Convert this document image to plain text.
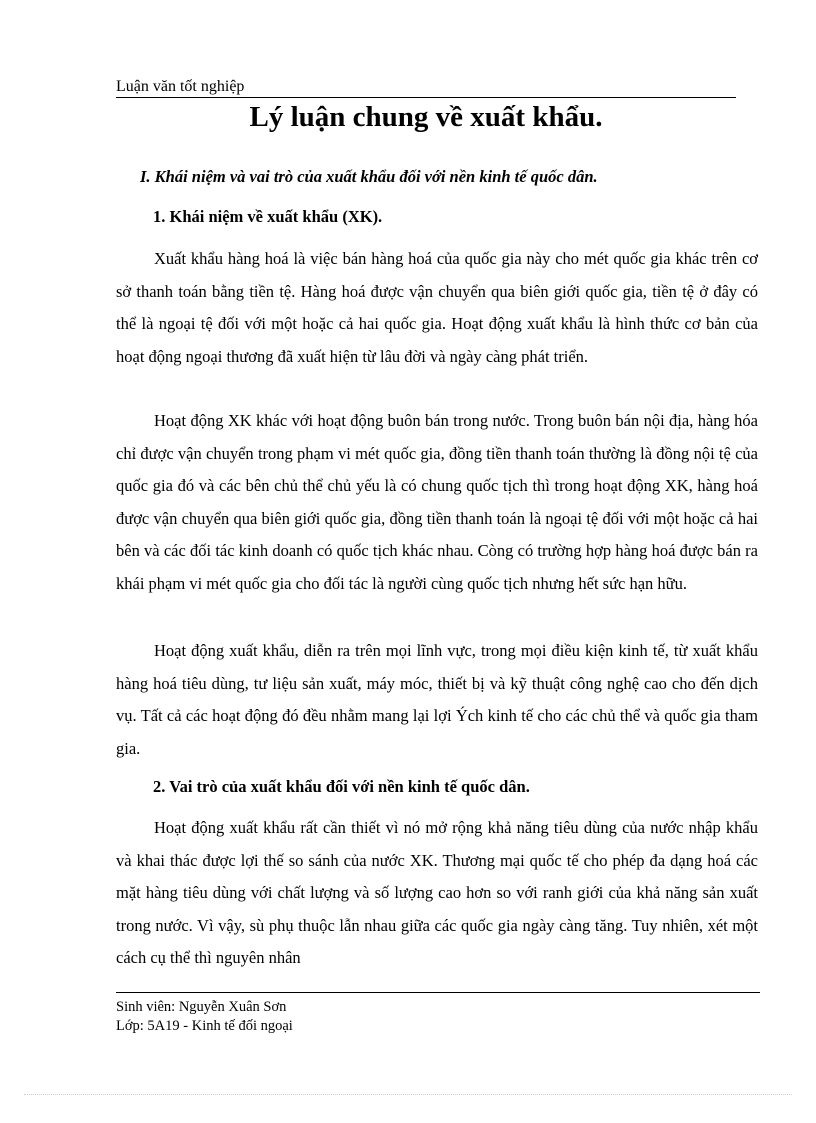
Luận văn tốt nghiệp
Lý luận chung về xuất khẩu.
I. Khái niệm và vai trò của xuất khẩu đối với nền kinh tế quốc dân.
1. Khái niệm về xuất khẩu (XK).

Xuất khẩu hàng hoá là việc bán hàng hoá của quốc gia này cho mét quốc gia khác trên cơ sở thanh toán bằng tiền tệ. Hàng hoá được vận chuyển qua biên giới quốc gia, tiền tệ ở đây có thể là ngoại tệ đối với một hoặc cả hai quốc gia. Hoạt động xuất khẩu là hình thức cơ bản của hoạt động ngoại thương đã xuất hiện từ lâu đời và ngày càng phát triển.

Hoạt động XK khác với hoạt động buôn bán trong nước. Trong buôn bán nội địa, hàng hóa chỉ được vận chuyển trong phạm vi mét quốc gia, đồng tiền thanh toán thường là đồng nội tệ của quốc gia đó và các bên chủ thể chủ yếu là có chung quốc tịch thì trong hoạt động XK, hàng hoá được vận chuyển qua biên giới quốc gia, đồng tiền thanh toán là ngoại tệ đối với một hoặc cả hai bên và các đối tác kinh doanh có quốc tịch khác nhau. Còng có trường hợp hàng hoá được bán ra khái phạm vi mét quốc gia cho đối tác là người cùng quốc tịch nhưng hết sức hạn hữu.

Hoạt động xuất khẩu, diễn ra trên mọi lĩnh vực, trong mọi điều kiện kinh tế, từ xuất khẩu hàng hoá tiêu dùng, tư liệu sản xuất, máy móc, thiết bị và kỹ thuật công nghệ cao cho đến dịch vụ. Tất cả các hoạt động đó đều nhằm mang lại lợi Ých kinh tế cho các chủ thể và quốc gia tham gia.

2. Vai trò của xuất khẩu đối với nền kinh tế quốc dân.

Hoạt động xuất khẩu rất cần thiết vì nó mở rộng khả năng tiêu dùng của nước nhập khẩu và khai thác được lợi thế so sánh của nước XK. Thương mại quốc tế cho phép đa dạng hoá các mặt hàng tiêu dùng với chất lượng và số lượng cao hơn so với ranh giới của khả năng sản xuất trong nước. Vì vậy, sù phụ thuộc lẫn nhau giữa các quốc gia ngày càng tăng. Tuy nhiên, xét một cách cụ thể thì nguyên nhân

Sinh viên: Nguyễn Xuân Sơn
Lớp: 5A19 - Kinh tế đối ngoại
